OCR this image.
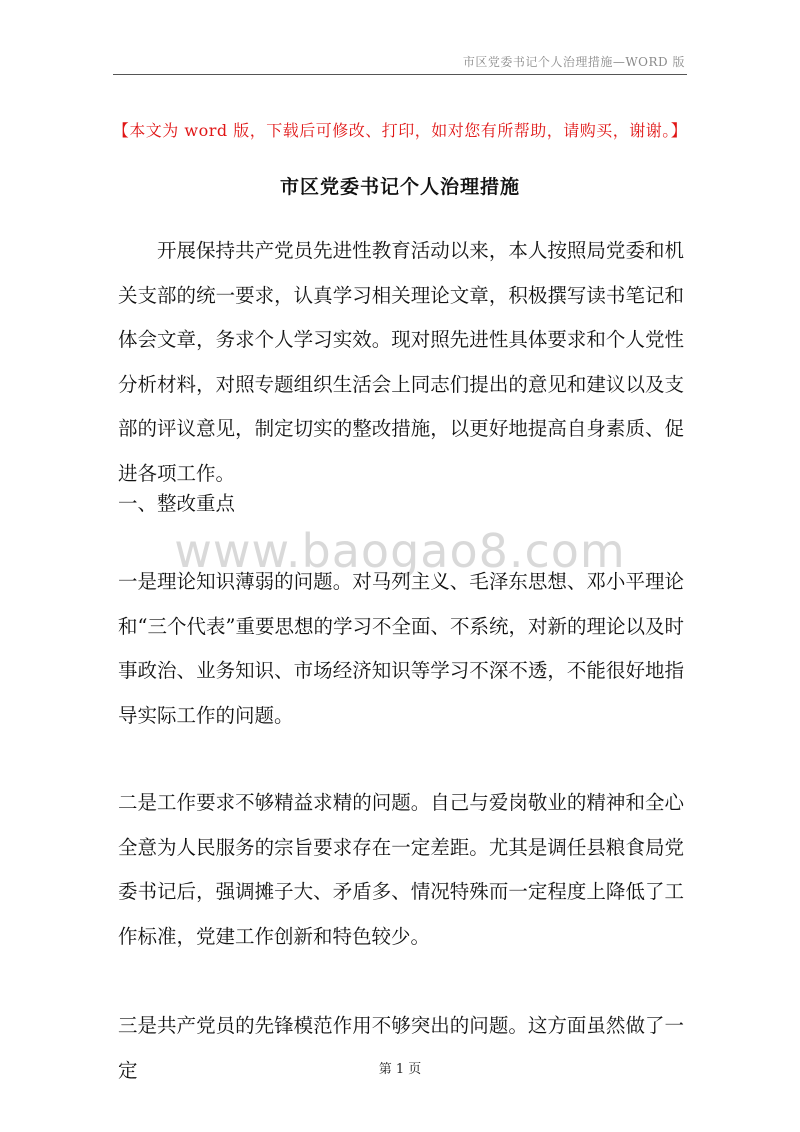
市区党委书记个人治理措施—WORD 版
【本文为 word 版，下载后可修改、打印，如对您有所帮助，请购买，谢谢。】
市区党委书记个人治理措施
开展保持共产党员先进性教育活动以来，本人按照局党委和机关支部的统一要求，认真学习相关理论文章，积极撰写读书笔记和体会文章，务求个人学习实效。现对照先进性具体要求和个人党性分析材料，对照专题组织生活会上同志们提出的意见和建议以及支部的评议意见，制定切实的整改措施，以更好地提高自身素质、促进各项工作。
一、整改重点
www.baogao8.com
一是理论知识薄弱的问题。对马列主义、毛泽东思想、邓小平理论和“三个代表”重要思想的学习不全面、不系统，对新的理论以及时事政治、业务知识、市场经济知识等学习不深不透，不能很好地指导实际工作的问题。
二是工作要求不够精益求精的问题。自己与爱岗敬业的精神和全心全意为人民服务的宗旨要求存在一定差距。尤其是调任县粮食局党委书记后，强调摊子大、矛盾多、情况特殊而一定程度上降低了工作标准，党建工作创新和特色较少。
三是共产党员的先锋模范作用不够突出的问题。这方面虽然做了一定	第 1 页
